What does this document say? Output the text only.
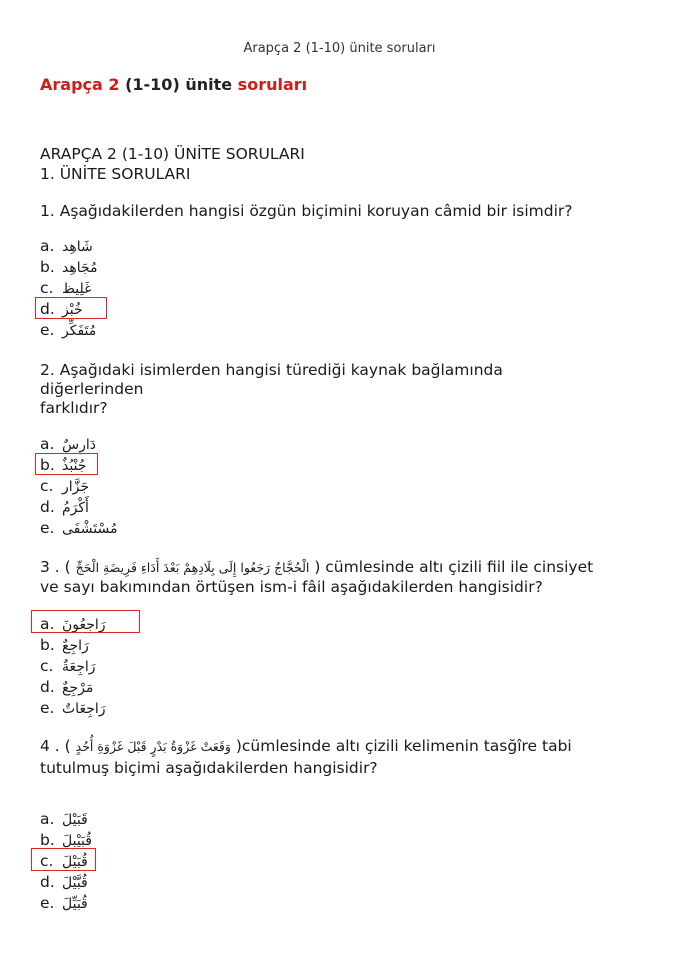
Arapça 2 (1-10) ünite soruları
Arapça 2 (1-10) ünite soruları
ARAPÇA 2 (1-10) ÜNİTE SORULARI
1. ÜNİTE SORULARI
1. Aşağıdakilerden hangisi özgün biçimini koruyan câmid bir isimdir?
a. شَاهِد
b. مُجَاهِد
c. غَلِيظ
d. خُبْز
e. مُتَفَكِّر
2. Aşağıdaki isimlerden hangisi türediği kaynak bağlamında
diğerlerinden
farklıdır?
a. دَارِسٌ
b. جُنْبُذٌ
c. جَزَّار
d. أَكْرَمُ
e. مُسْتَشْفَى
3 . ( الْحُجَّاجُ رَجَعُوا إِلَى بِلَادِهِمْ بَعْدَ أَدَاءِ فَرِيضَةِ الْحَجِّ ) cümlesinde altı çizili fiil ile cinsiyet
ve sayı bakımından örtüşen ism-i fâil aşağıdakilerden hangisidir?
a. رَاجِعُونَ
b. رَاجِعٌ
c. رَاجِعَةٌ
d. مَرْجِعٌ
e. رَاجِعَاتٌ
4 . ( وَقَعَتْ غَزْوَةُ بَدْرٍ قَبْلَ غَزْوَةِ أُحُدٍ )cümlesinde altı çizili kelimenin tasğîre tabi
tutulmuş biçimi aşağıdakilerden hangisidir?
a. قَبَيْلَ
b. قُبَيْبِلَ
c. قُبَيْلَ
d. قُبَّيْلَ
e. قُبَيِّلَ
